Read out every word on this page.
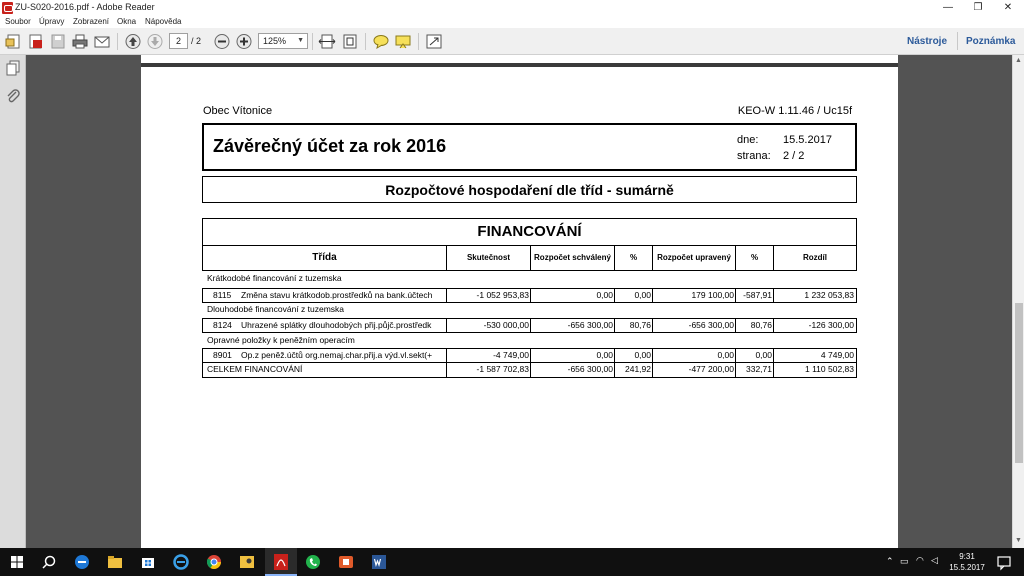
ZU-S020-2016.pdf - Adobe Reader	—	❐	✕
Soubor Úpravy Zobrazení Okna Nápověda
2	/ 2	125% ▼	Nástroje Poznámka
Obec Vítonice	KEO-W 1.11.46 / Uc15f
Závěrečný účet za rok 2016	dne: 15.5.2017
strana: 2 / 2
Rozpočtové hospodaření dle tříd - sumárně
FINANCOVÁNÍ
Třída	Skutečnost	Rozpočet schválený	%	Rozpočet upravený	%	Rozdíl
Krátkodobé financování z tuzemska
8115	Změna stavu krátkodob.prostředků na bank.účtech	-1 052 953,83	0,00	0,00	179 100,00	-587,91	1 232 053,83
Dlouhodobé financování z tuzemska
8124	Uhrazené splátky dlouhodobých přij.půjč.prostředk	-530 000,00	-656 300,00	80,76	-656 300,00	80,76	-126 300,00
Opravné položky k peněžním operacím
8901	Op.z peněž.účtů org.nemaj.char.přij.a výd.vl.sekt(+	-4 749,00	0,00	0,00	0,00	0,00	4 749,00
CELKEM FINANCOVÁNÍ	-1 587 702,83	-656 300,00	241,92	-477 200,00	332,71	1 110 502,83
▲
▼
⌃ ▭ ◠ ◁	9:31
15.5.2017
